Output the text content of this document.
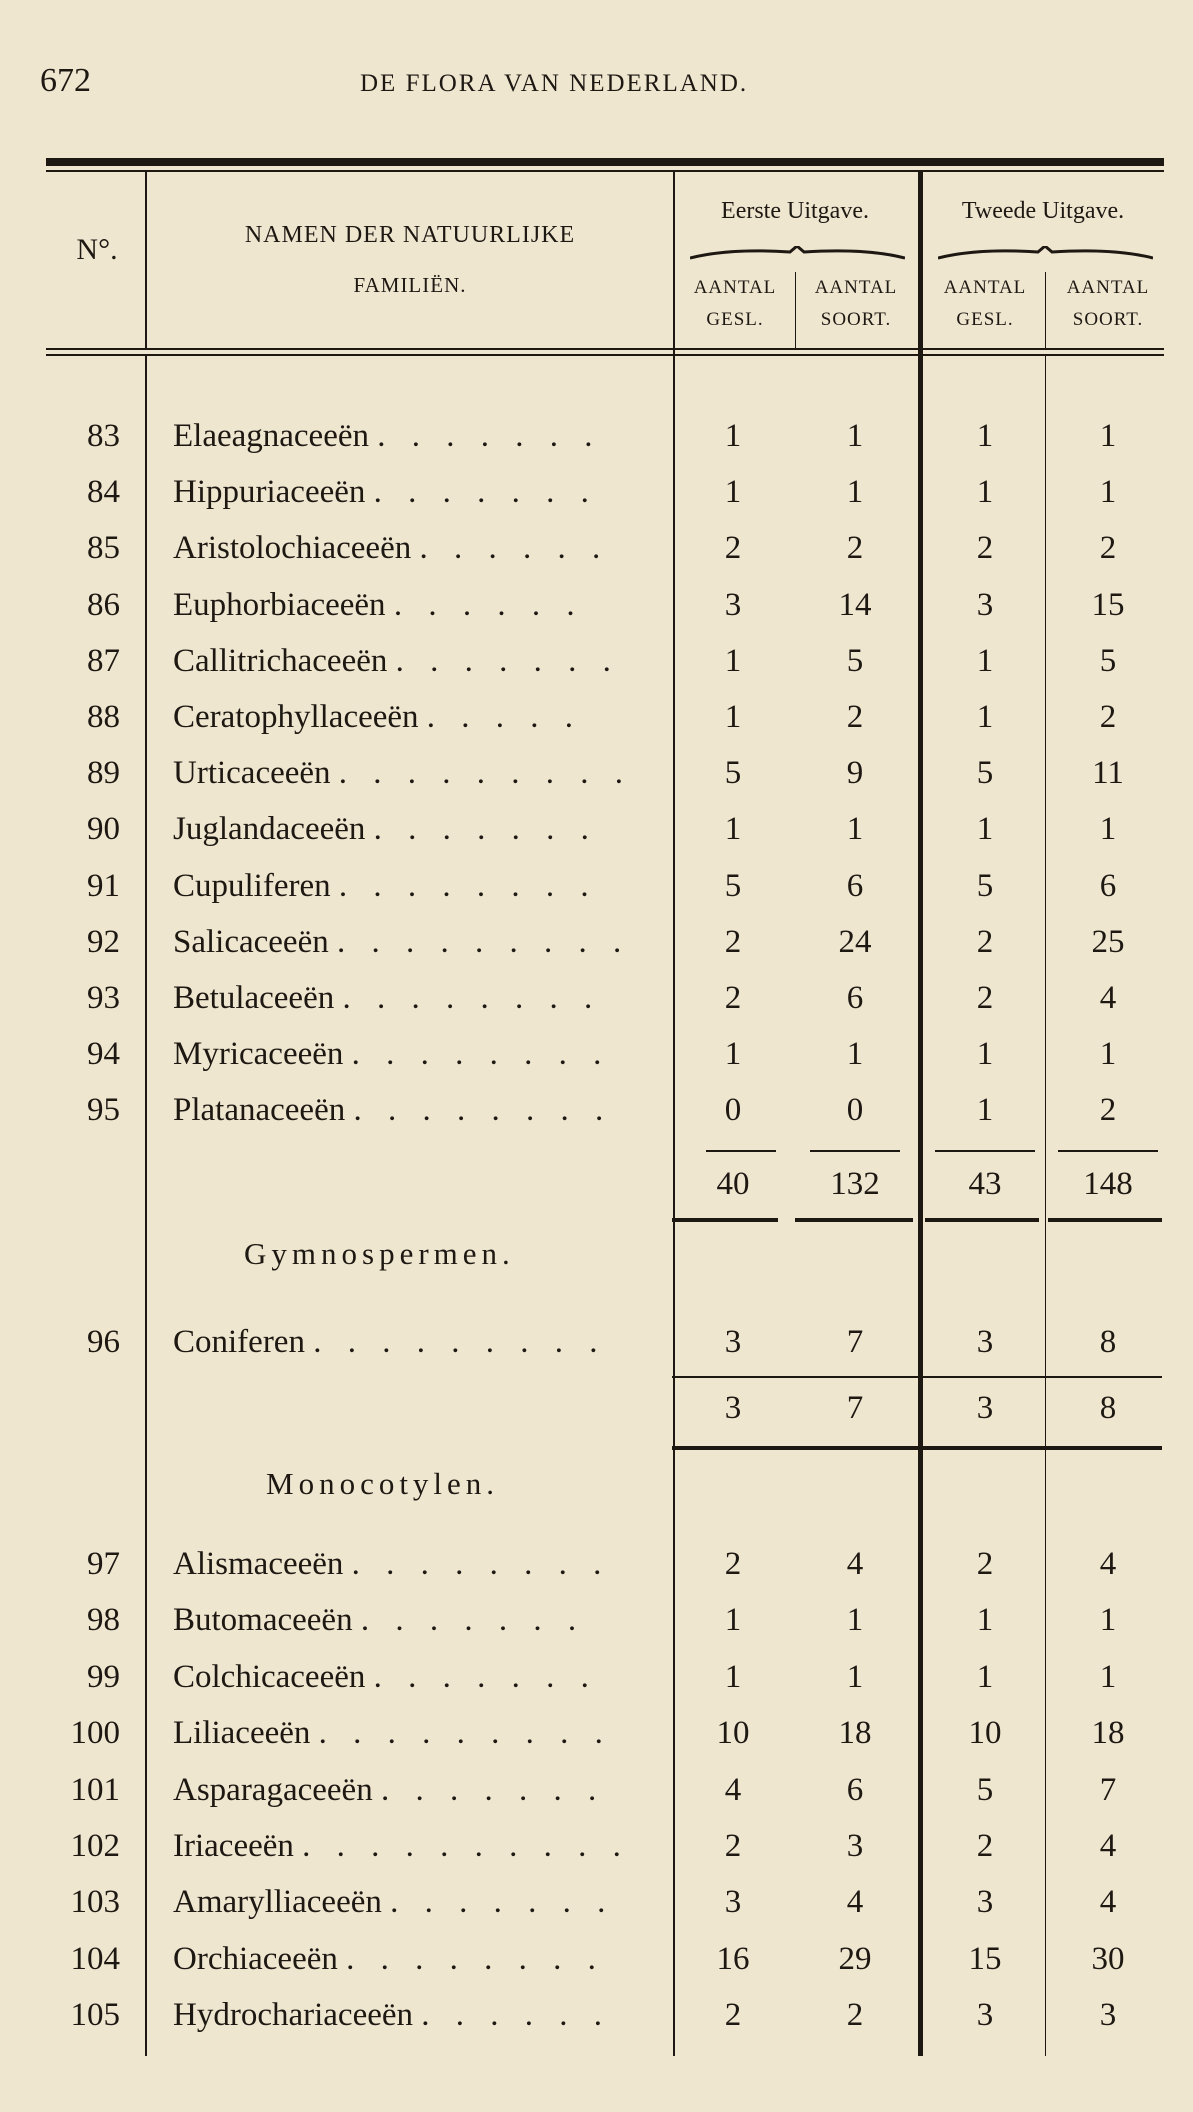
672	DE FLORA VAN NEDERLAND.
N°.	NAMEN DER NATUURLIJKE
FAMILIËN.
Eerste Uitgave.	Tweede Uitgave.
AANTAL
GESL.
AANTAL
SOORT.
AANTAL
GESL.
AANTAL
SOORT.
83 Elaeagnaceeën . . . . . . .	1	1	1	1
84 Hippuriaceeën . . . . . . .	1	1	1	1
85 Aristolochiaceeën . . . . . .	2	2	2	2
86 Euphorbiaceeën . . . . . .	3	14	3	15
87 Callitrichaceeën . . . . . . .	1	5	1	5
88 Ceratophyllaceeën . . . . .	1	2	1	2
89 Urticaceeën . . . . . . . . .	5	9	5	11
90 Juglandaceeën . . . . . . .	1	1	1	1
91 Cupuliferen . . . . . . . .	5	6	5	6
92 Salicaceeën . . . . . . . . .	2	24	2	25
93 Betulaceeën . . . . . . . .	2	6	2	4
94 Myricaceeën . . . . . . . .	1	1	1	1
95 Platanaceeën . . . . . . . .	0	0	1	2
40	132	43	148
Gymnospermen.
96 Coniferen . . . . . . . . .	3	7	3	8
3	7	3	8
Monocotylen.
97 Alismaceeën . . . . . . . .	2	4	2	4
98 Butomaceeën . . . . . . .	1	1	1	1
99 Colchicaceeën . . . . . . .	1	1	1	1
100 Liliaceeën . . . . . . . . .	10	18	10	18
101 Asparagaceeën . . . . . . .	4	6	5	7
102 Iriaceeën . . . . . . . . . .	2	3	2	4
103 Amarylliaceeën . . . . . . .	3	4	3	4
104 Orchiaceeën . . . . . . . .	16	29	15	30
105 Hydrochariaceeën . . . . . .	2	2	3	3
